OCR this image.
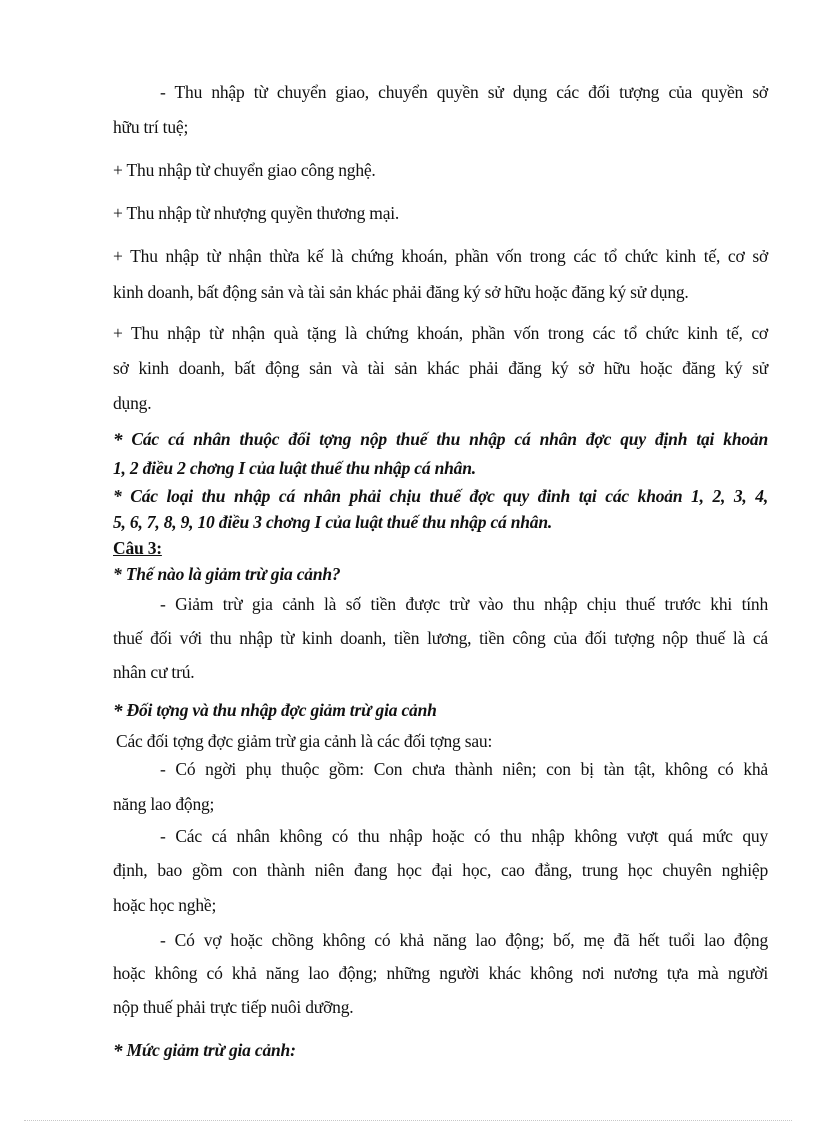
- Thu nhập từ chuyển giao, chuyển quyền sử dụng các đối tượng của quyền sở
hữu trí tuệ;
+ Thu nhập từ chuyển giao công nghệ.
+ Thu nhập từ nhượng quyền thương mại.
+ Thu nhập từ nhận thừa kế là chứng khoán, phần vốn trong các tổ chức kinh tế, cơ sở
kinh doanh, bất động sản và tài sản khác phải đăng ký sở hữu hoặc đăng ký sử dụng.
+ Thu nhập từ nhận quà tặng là chứng khoán, phần vốn trong các tổ chức kinh tế, cơ
sở kinh doanh, bất động sản và tài sản khác phải đăng ký sở hữu hoặc đăng ký sử
dụng.
* Các cá nhân thuộc đối tợng nộp thuế thu nhập cá nhân đợc quy định tại khoản
1, 2 điều 2 chơng I của luật thuế thu nhập cá nhân.
* Các loại thu nhập cá nhân phải chịu thuế đợc quy đinh tại các khoản 1, 2, 3, 4,
5, 6, 7, 8, 9, 10 điều 3 chơng I của luật thuế thu nhập cá nhân.
Câu 3:
* Thế nào là giảm trừ gia cảnh?
- Giảm trừ gia cảnh là số tiền được trừ vào thu nhập chịu thuế trước khi tính
thuế đối với thu nhập từ kinh doanh, tiền lương, tiền công của đối tượng nộp thuế là cá
nhân cư trú.
* Đối tợng và thu nhập đợc giảm trừ gia cảnh
Các đối tợng đợc giảm trừ gia cảnh là các đối tợng sau:
- Có ngời phụ thuộc gồm: Con chưa thành niên; con bị tàn tật, không có khả
năng lao động;
- Các cá nhân không có thu nhập hoặc có thu nhập không vượt quá mức quy
định, bao gồm con thành niên đang học đại học, cao đẳng, trung học chuyên nghiệp
hoặc học nghề;
- Có vợ hoặc chồng không có khả năng lao động; bố, mẹ đã hết tuổi lao động
hoặc không có khả năng lao động; những người khác không nơi nương tựa mà người
nộp thuế phải trực tiếp nuôi dưỡng.
* Mức giảm trừ gia cảnh:
